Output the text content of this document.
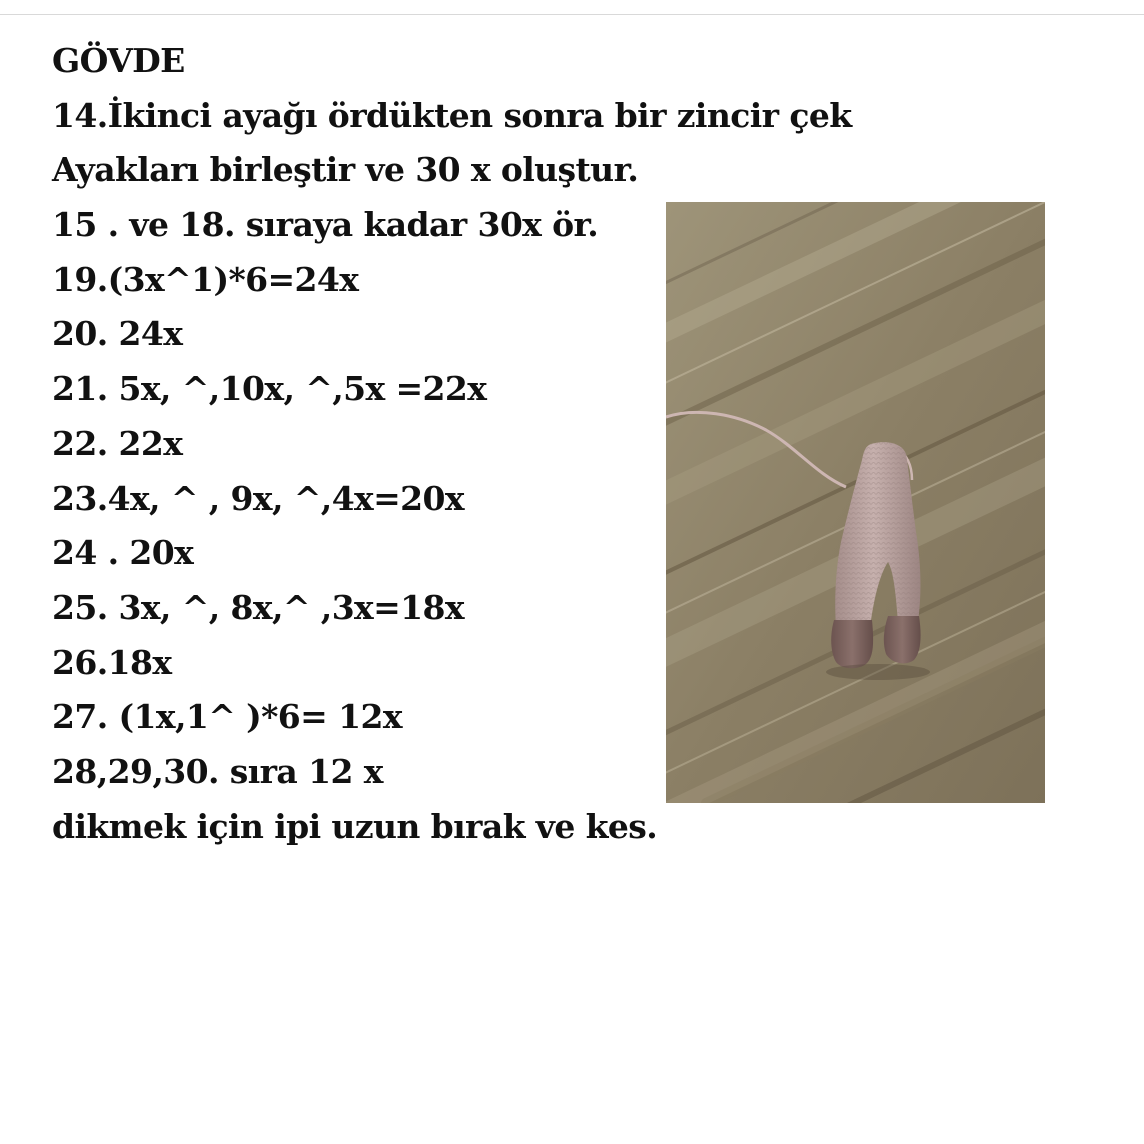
GÖVDE
14.İkinci ayağı ördükten sonra bir zincir çek
Ayakları birleştir ve 30 x oluştur.
15 . ve 18. sıraya kadar 30x ör.
19.(3x^1)*6=24x
20. 24x
21. 5x, ^,10x, ^,5x =22x
22. 22x
23.4x, ^ , 9x, ^,4x=20x
24 . 20x
25. 3x, ^, 8x,^ ,3x=18x
26.18x
27. (1x,1^ )*6= 12x
28,29,30. sıra 12 x
dikmek için ipi uzun bırak ve kes.
